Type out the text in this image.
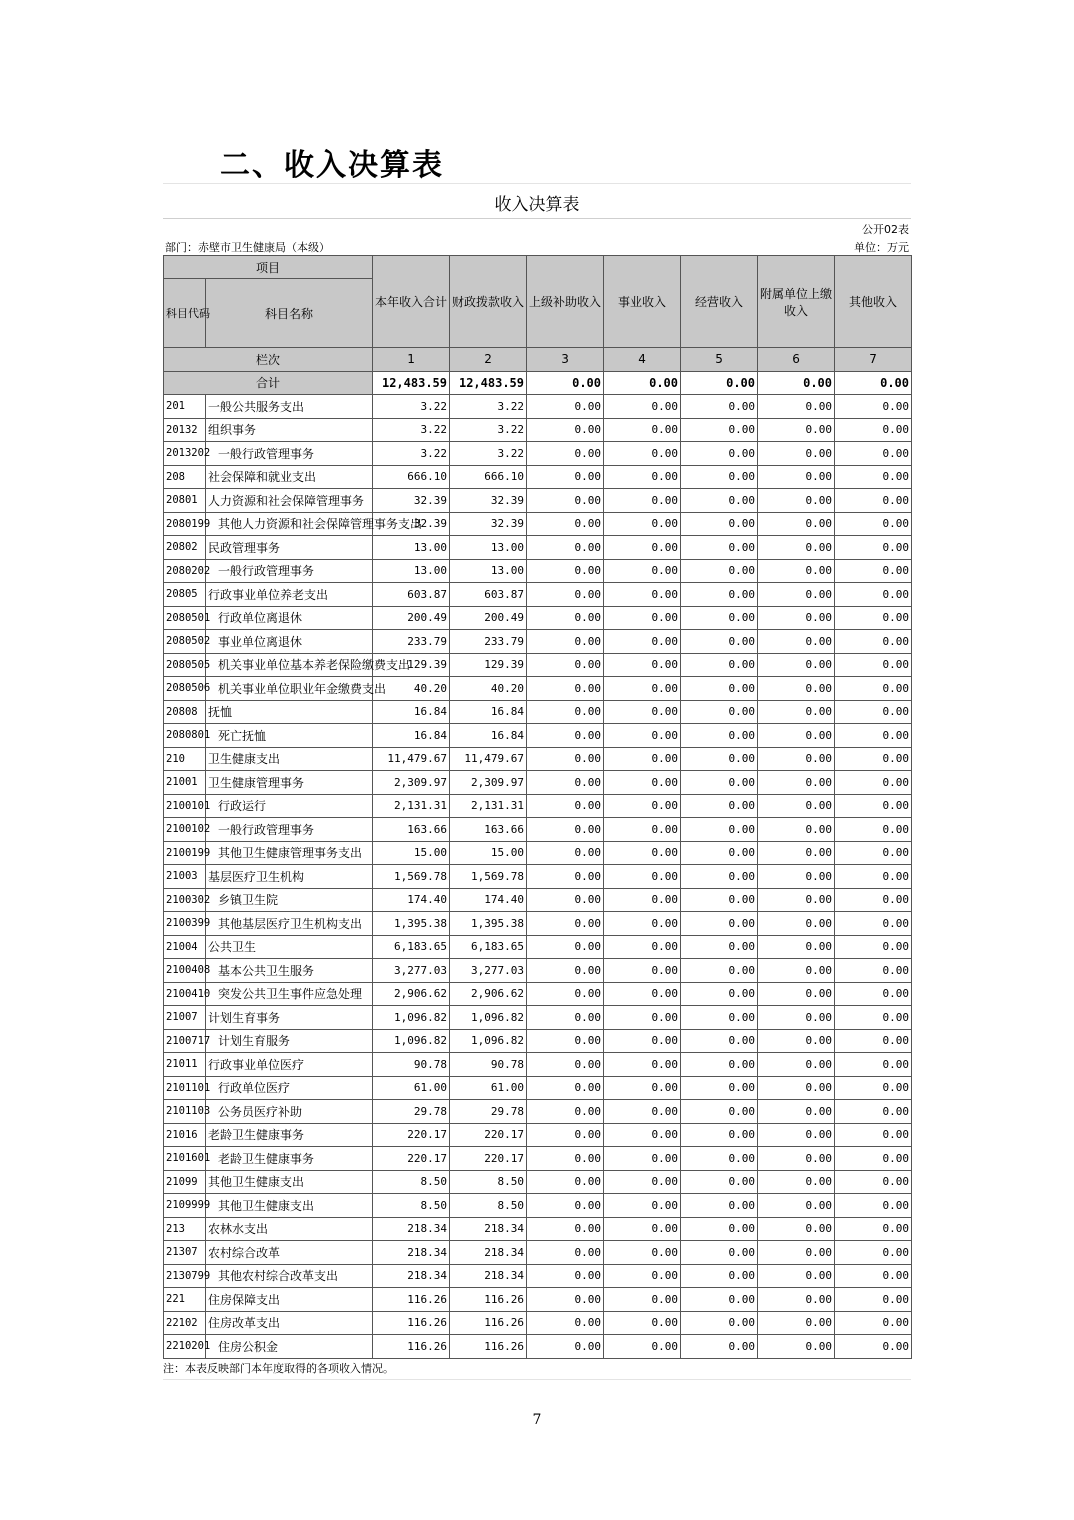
二、收入决算表
收入决算表
公开02表
部门：赤壁市卫生健康局（本级）	单位：万元
项目		本年收入合计	财政拨款收入	上级补助收入	事业收入	经营收入	附属单位上缴收入	其他收入
科目代码	科目名称							
栏次		1	2	3	4	5	6	7
合计		12,483.59	12,483.59	0.00	0.00	0.00	0.00	0.00
201	一般公共服务支出	3.22	3.22	0.00	0.00	0.00	0.00	0.00
20132	组织事务	3.22	3.22	0.00	0.00	0.00	0.00	0.00
2013202	一般行政管理事务	3.22	3.22	0.00	0.00	0.00	0.00	0.00
208	社会保障和就业支出	666.10	666.10	0.00	0.00	0.00	0.00	0.00
20801	人力资源和社会保障管理事务	32.39	32.39	0.00	0.00	0.00	0.00	0.00
2080199	其他人力资源和社会保障管理事务支出	32.39	32.39	0.00	0.00	0.00	0.00	0.00
20802	民政管理事务	13.00	13.00	0.00	0.00	0.00	0.00	0.00
2080202	一般行政管理事务	13.00	13.00	0.00	0.00	0.00	0.00	0.00
20805	行政事业单位养老支出	603.87	603.87	0.00	0.00	0.00	0.00	0.00
2080501	行政单位离退休	200.49	200.49	0.00	0.00	0.00	0.00	0.00
2080502	事业单位离退休	233.79	233.79	0.00	0.00	0.00	0.00	0.00
2080505	机关事业单位基本养老保险缴费支出	129.39	129.39	0.00	0.00	0.00	0.00	0.00
2080506	机关事业单位职业年金缴费支出	40.20	40.20	0.00	0.00	0.00	0.00	0.00
20808	抚恤	16.84	16.84	0.00	0.00	0.00	0.00	0.00
2080801	死亡抚恤	16.84	16.84	0.00	0.00	0.00	0.00	0.00
210	卫生健康支出	11,479.67	11,479.67	0.00	0.00	0.00	0.00	0.00
21001	卫生健康管理事务	2,309.97	2,309.97	0.00	0.00	0.00	0.00	0.00
2100101	行政运行	2,131.31	2,131.31	0.00	0.00	0.00	0.00	0.00
2100102	一般行政管理事务	163.66	163.66	0.00	0.00	0.00	0.00	0.00
2100199	其他卫生健康管理事务支出	15.00	15.00	0.00	0.00	0.00	0.00	0.00
21003	基层医疗卫生机构	1,569.78	1,569.78	0.00	0.00	0.00	0.00	0.00
2100302	乡镇卫生院	174.40	174.40	0.00	0.00	0.00	0.00	0.00
2100399	其他基层医疗卫生机构支出	1,395.38	1,395.38	0.00	0.00	0.00	0.00	0.00
21004	公共卫生	6,183.65	6,183.65	0.00	0.00	0.00	0.00	0.00
2100408	基本公共卫生服务	3,277.03	3,277.03	0.00	0.00	0.00	0.00	0.00
2100410	突发公共卫生事件应急处理	2,906.62	2,906.62	0.00	0.00	0.00	0.00	0.00
21007	计划生育事务	1,096.82	1,096.82	0.00	0.00	0.00	0.00	0.00
2100717	计划生育服务	1,096.82	1,096.82	0.00	0.00	0.00	0.00	0.00
21011	行政事业单位医疗	90.78	90.78	0.00	0.00	0.00	0.00	0.00
2101101	行政单位医疗	61.00	61.00	0.00	0.00	0.00	0.00	0.00
2101103	公务员医疗补助	29.78	29.78	0.00	0.00	0.00	0.00	0.00
21016	老龄卫生健康事务	220.17	220.17	0.00	0.00	0.00	0.00	0.00
2101601	老龄卫生健康事务	220.17	220.17	0.00	0.00	0.00	0.00	0.00
21099	其他卫生健康支出	8.50	8.50	0.00	0.00	0.00	0.00	0.00
2109999	其他卫生健康支出	8.50	8.50	0.00	0.00	0.00	0.00	0.00
213	农林水支出	218.34	218.34	0.00	0.00	0.00	0.00	0.00
21307	农村综合改革	218.34	218.34	0.00	0.00	0.00	0.00	0.00
2130799	其他农村综合改革支出	218.34	218.34	0.00	0.00	0.00	0.00	0.00
221	住房保障支出	116.26	116.26	0.00	0.00	0.00	0.00	0.00
22102	住房改革支出	116.26	116.26	0.00	0.00	0.00	0.00	0.00
2210201	住房公积金	116.26	116.26	0.00	0.00	0.00	0.00	0.00
注：本表反映部门本年度取得的各项收入情况。
7
